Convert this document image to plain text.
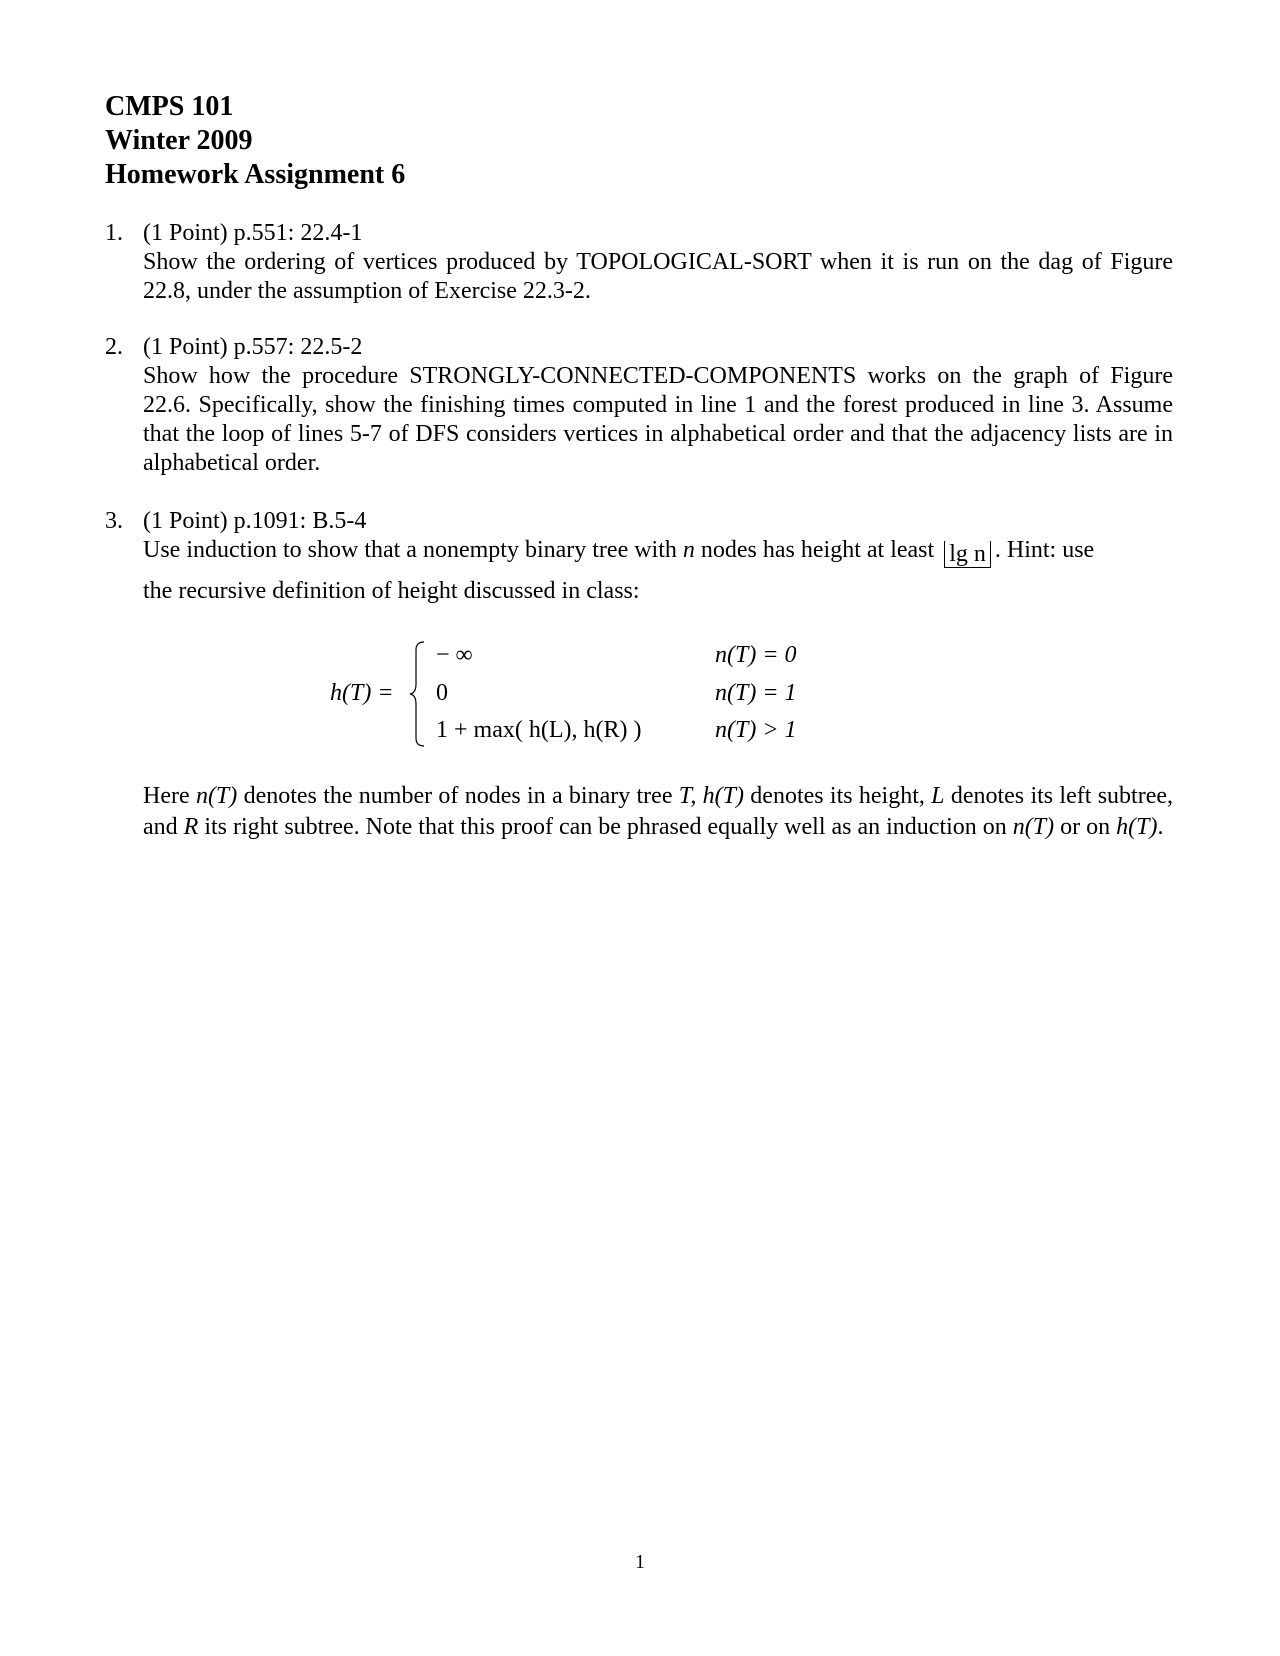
CMPS 101
Winter 2009
Homework Assignment 6
1. (1 Point) p.551: 22.4-1
Show the ordering of vertices produced by TOPOLOGICAL-SORT when it is run on the dag of Figure 22.8, under the assumption of Exercise 22.3-2.
2. (1 Point) p.557: 22.5-2
Show how the procedure STRONGLY-CONNECTED-COMPONENTS works on the graph of Figure 22.6. Specifically, show the finishing times computed in line 1 and the forest produced in line 3. Assume that the loop of lines 5-7 of DFS considers vertices in alphabetical order and that the adjacency lists are in alphabetical order.
3. (1 Point) p.1091: B.5-4
Use induction to show that a nonempty binary tree with n nodes has height at least lg n . Hint: use
the recursive definition of height discussed in class:
h(T) =
− ∞	n(T) = 0
0	n(T) = 1
1 + max( h(L), h(R) )	n(T) > 1
Here n(T) denotes the number of nodes in a binary tree T, h(T) denotes its height, L denotes its left subtree, and R its right subtree. Note that this proof can be phrased equally well as an induction on n(T) or on h(T).
1
